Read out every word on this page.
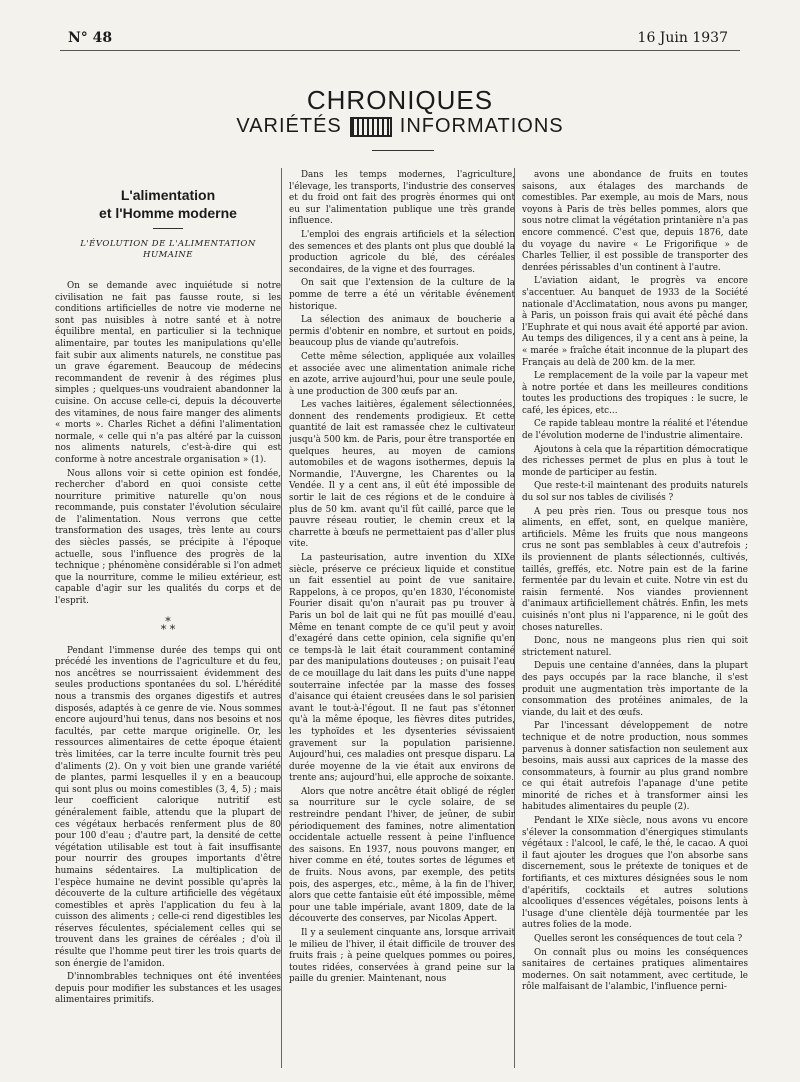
N° 48	16 Juin 1937
CHRONIQUES
VARIÉTÉS	INFORMATIONS
L'alimentation
et l'Homme moderne
L'ÉVOLUTION DE L'ALIMENTATION HUMAINE

On se demande avec inquiétude si notre civilisation ne fait pas fausse route, si les conditions artificielles de notre vie moderne ne sont pas nuisibles à notre santé et à notre équilibre mental, en particulier si la technique alimentaire, par toutes les manipulations qu'elle fait subir aux aliments naturels, ne constitue pas un grave égarement. Beaucoup de médecins recommandent de revenir à des régimes plus simples ; quelques-uns voudraient abandonner la cuisine. On accuse celle-ci, depuis la découverte des vitamines, de nous faire manger des aliments « morts ». Charles Richet a défini l'alimentation normale, « celle qui n'a pas altéré par la cuisson nos aliments naturels, c'est-à-dire qui est conforme à notre ancestrale organisation » (1).

Nous allons voir si cette opinion est fondée, rechercher d'abord en quoi consiste cette nourriture primitive naturelle qu'on nous recommande, puis constater l'évolution séculaire de l'alimentation. Nous verrons que cette transformation des usages, très lente au cours des siècles passés, se précipite à l'époque actuelle, sous l'influence des progrès de la technique ; phénomène considérable si l'on admet que la nourriture, comme le milieu extérieur, est capable d'agir sur les qualités du corps et de l'esprit.

*
* *

Pendant l'immense durée des temps qui ont précédé les inventions de l'agriculture et du feu, nos ancêtres se nourrissaient évidemment des seules productions spontanées du sol. L'hérédité nous a transmis des organes digestifs et autres disposés, adaptés à ce genre de vie. Nous sommes encore aujourd'hui tenus, dans nos besoins et nos facultés, par cette marque originelle. Or, les ressources alimentaires de cette époque étaient très limitées, car la terre inculte fournit très peu d'aliments (2). On y voit bien une grande variété de plantes, parmi lesquelles il y en a beaucoup qui sont plus ou moins comestibles (3, 4, 5) ; mais leur coefficient calorique nutritif est généralement faible, attendu que la plupart de ces végétaux herbacés renferment plus de 80 pour 100 d'eau ; d'autre part, la densité de cette végétation utilisable est tout à fait insuffisante pour nourrir des groupes importants d'être humains sédentaires. La multiplication de l'espèce humaine ne devint possible qu'après la découverte de la culture artificielle des végétaux comestibles et après l'application du feu à la cuisson des aliments ; celle-ci rend digestibles les réserves féculentes, spécialement celles qui se trouvent dans les graines de céréales ; d'où il résulte que l'homme peut tirer les trois quarts de son énergie de l'amidon.

D'innombrables techniques ont été inventées depuis pour modifier les substances et les usages alimentaires primitifs.

Dans les temps modernes, l'agriculture, l'élevage, les transports, l'industrie des conserves et du froid ont fait des progrès énormes qui ont eu sur l'alimentation publique une très grande influence.

L'emploi des engrais artificiels et la sélection des semences et des plants ont plus que doublé la production agricole du blé, des céréales secondaires, de la vigne et des fourrages.

On sait que l'extension de la culture de la pomme de terre a été un véritable événement historique.

La sélection des animaux de boucherie a permis d'obtenir en nombre, et surtout en poids, beaucoup plus de viande qu'autrefois.

Cette même sélection, appliquée aux volailles et associée avec une alimentation animale riche en azote, arrive aujourd'hui, pour une seule poule, à une production de 300 œufs par an.

Les vaches laitières, également sélectionnées, donnent des rendements prodigieux. Et cette quantité de lait est ramassée chez le cultivateur jusqu'à 500 km. de Paris, pour être transportée en quelques heures, au moyen de camions automobiles et de wagons isothermes, depuis la Normandie, l'Auvergne, les Charentes ou la Vendée. Il y a cent ans, il eût été impossible de sortir le lait de ces régions et de le conduire à plus de 50 km. avant qu'il fût caillé, parce que le pauvre réseau routier, le chemin creux et la charrette à bœufs ne permettaient pas d'aller plus vite.

La pasteurisation, autre invention du XIXe siècle, préserve ce précieux liquide et constitue un fait essentiel au point de vue sanitaire. Rappelons, à ce propos, qu'en 1830, l'économiste Fourier disait qu'on n'aurait pas pu trouver à Paris un bol de lait qui ne fût pas mouillé d'eau. Même en tenant compte de ce qu'il peut y avoir d'exagéré dans cette opinion, cela signifie qu'en ce temps-là le lait était couramment contaminé par des manipulations douteuses ; on puisait l'eau de ce mouillage du lait dans les puits d'une nappe souterraine infectée par la masse des fosses d'aisance qui étaient creusées dans le sol parisien avant le tout-à-l'égout. Il ne faut pas s'étonner qu'à la même époque, les fièvres dites putrides, les typhoïdes et les dysenteries sévissaient gravement sur la population parisienne. Aujourd'hui, ces maladies ont presque disparu. La durée moyenne de la vie était aux environs de trente ans; aujourd'hui, elle approche de soixante.

Alors que notre ancêtre était obligé de régler sa nourriture sur le cycle solaire, de se restreindre pendant l'hiver, de jeûner, de subir périodiquement des famines, notre alimentation occidentale actuelle ressent à peine l'influence des saisons. En 1937, nous pouvons manger, en hiver comme en été, toutes sortes de légumes et de fruits. Nous avons, par exemple, des petits pois, des asperges, etc., même, à la fin de l'hiver, alors que cette fantaisie eût été impossible, même pour une table impériale, avant 1809, date de la découverte des conserves, par Nicolas Appert.

Il y a seulement cinquante ans, lorsque arrivait le milieu de l'hiver, il était difficile de trouver des fruits frais ; à peine quelques pommes ou poires, toutes ridées, conservées à grand peine sur la paille du grenier. Maintenant, nous

avons une abondance de fruits en toutes saisons, aux étalages des marchands de comestibles. Par exemple, au mois de Mars, nous voyons à Paris de très belles pommes, alors que sous notre climat la végétation printanière n'a pas encore commencé. C'est que, depuis 1876, date du voyage du navire « Le Frigorifique » de Charles Tellier, il est possible de transporter des denrées périssables d'un continent à l'autre.

L'aviation aidant, le progrès va encore s'accentuer. Au banquet de 1933 de la Société nationale d'Acclimatation, nous avons pu manger, à Paris, un poisson frais qui avait été pêché dans l'Euphrate et qui nous avait été apporté par avion. Au temps des diligences, il y a cent ans à peine, la « marée » fraîche était inconnue de la plupart des Français au delà de 200 km. de la mer.

Le remplacement de la voile par la vapeur met à notre portée et dans les meilleures conditions toutes les productions des tropiques : le sucre, le café, les épices, etc...

Ce rapide tableau montre la réalité et l'étendue de l'évolution moderne de l'industrie alimentaire.

Ajoutons à cela que la répartition démocratique des richesses permet de plus en plus à tout le monde de participer au festin.

Que reste-t-il maintenant des produits naturels du sol sur nos tables de civilisés ?

A peu près rien. Tous ou presque tous nos aliments, en effet, sont, en quelque manière, artificiels. Même les fruits que nous mangeons crus ne sont pas semblables à ceux d'autrefois ; ils proviennent de plants sélectionnés, cultivés, taillés, greffés, etc. Notre pain est de la farine fermentée par du levain et cuite. Notre vin est du raisin fermenté. Nos viandes proviennent d'animaux artificiellement châtrés. Enfin, les mets cuisinés n'ont plus ni l'apparence, ni le goût des choses naturelles.

Donc, nous ne mangeons plus rien qui soit strictement naturel.

Depuis une centaine d'années, dans la plupart des pays occupés par la race blanche, il s'est produit une augmentation très importante de la consommation des protéines animales, de la viande, du lait et des œufs.

Par l'incessant développement de notre technique et de notre production, nous sommes parvenus à donner satisfaction non seulement aux besoins, mais aussi aux caprices de la masse des consommateurs, à fournir au plus grand nombre ce qui était autrefois l'apanage d'une petite minorité de riches et à transformer ainsi les habitudes alimentaires du peuple (2).

Pendant le XIXe siècle, nous avons vu encore s'élever la consommation d'énergiques stimulants végétaux : l'alcool, le café, le thé, le cacao. A quoi il faut ajouter les drogues que l'on absorbe sans discernement, sous le prétexte de toniques et de fortifiants, et ces mixtures désignées sous le nom d'apéritifs, cocktails et autres solutions alcooliques d'essences végétales, poisons lents à l'usage d'une clientèle déjà tourmentée par les autres folies de la mode.

Quelles seront les conséquences de tout cela ?

On connaît plus ou moins les conséquences sanitaires de certaines pratiques alimentaires modernes. On sait notamment, avec certitude, le rôle malfaisant de l'alambic, l'influence perni-
